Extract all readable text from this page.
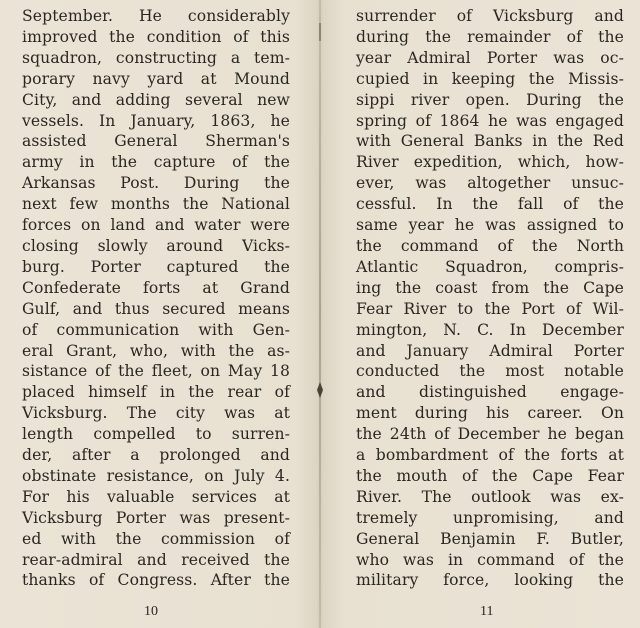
September. He considerably
improved the condition of this
squadron, constructing a tem-
porary navy yard at Mound
City, and adding several new
vessels. In January, 1863, he
assisted General Sherman's
army in the capture of the
Arkansas Post. During the
next few months the National
forces on land and water were
closing slowly around Vicks-
burg. Porter captured the
Confederate forts at Grand
Gulf, and thus secured means
of communication with Gen-
eral Grant, who, with the as-
sistance of the fleet, on May 18
placed himself in the rear of
Vicksburg. The city was at
length compelled to surren-
der, after a prolonged and
obstinate resistance, on July 4.
For his valuable services at
Vicksburg Porter was present-
ed with the commission of
rear-admiral and received the
thanks of Congress. After the
10
surrender of Vicksburg and
during the remainder of the
year Admiral Porter was oc-
cupied in keeping the Missis-
sippi river open. During the
spring of 1864 he was engaged
with General Banks in the Red
River expedition, which, how-
ever, was altogether unsuc-
cessful. In the fall of the
same year he was assigned to
the command of the North
Atlantic Squadron, compris-
ing the coast from the Cape
Fear River to the Port of Wil-
mington, N. C. In December
and January Admiral Porter
conducted the most notable
and distinguished engage-
ment during his career. On
the 24th of December he began
a bombardment of the forts at
the mouth of the Cape Fear
River. The outlook was ex-
tremely unpromising, and
General Benjamin F. Butler,
who was in command of the
military force, looking the
11
